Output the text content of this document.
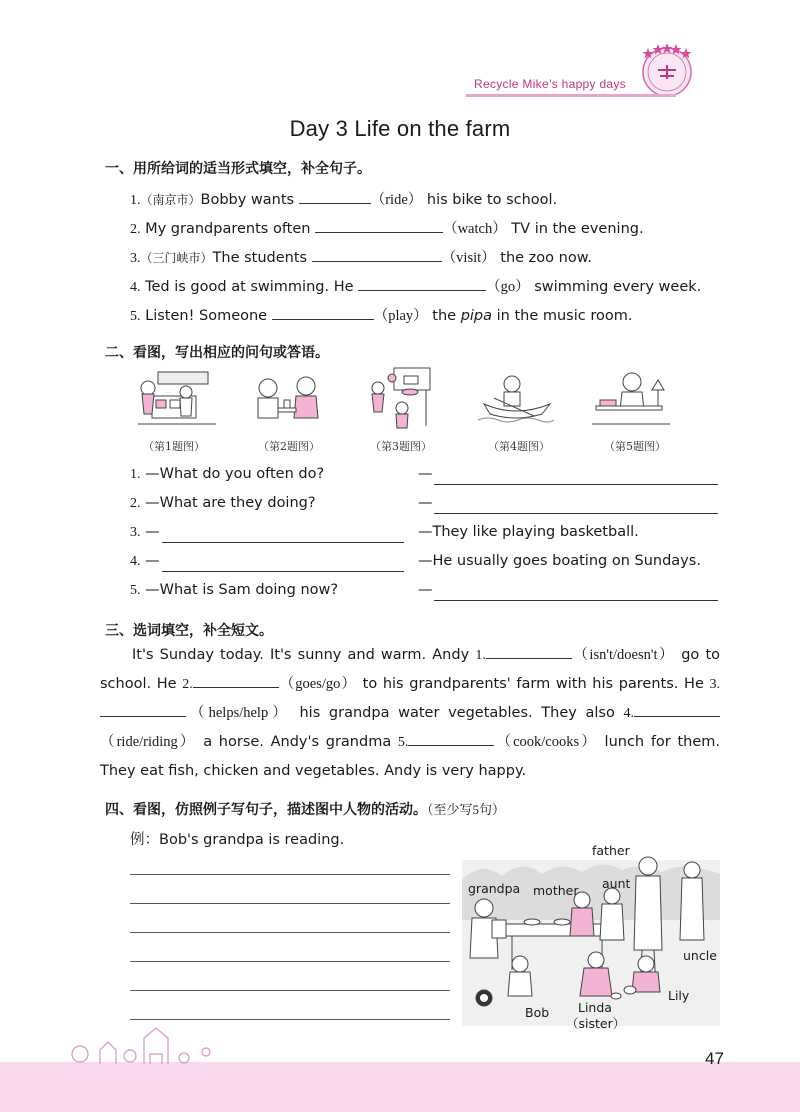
Recycle Mike’s happy days
Day 3 Life on the farm
一、用所给词的适当形式填空，补全句子。
1.（南京市）Bobby wants	（ride） his bike to school.
2. My grandparents often	（watch） TV in the evening.
3.（三门峡市）The students	（visit） the zoo now.
4. Ted is good at swimming. He	（go） swimming every week.
5. Listen! Someone	（play） the pipa in the music room.
二、看图，写出相应的问句或答语。
（第1题图）	（第2题图）	（第3题图）	（第4题图）	（第5题图）
1. —What do you often do?	—
2. —What are they doing?	—
3. —	—They like playing basketball.
4. —	—He usually goes boating on Sundays.
5. —What is Sam doing now?	—
三、选词填空，补全短文。
It's Sunday today. It's sunny and warm. Andy 1.	（isn't/doesn't） go to school. He 2.	（goes/go） to his grandparents' farm with his parents. He 3.（helps/help） his grandpa water vegetables. They also 4.（ride/riding） a horse. Andy's grandma 5.	（cook/cooks） lunch for them. They eat fish, chicken and vegetables. Andy is very happy.
四、看图，仿照例子写句子，描述图中人物的活动。（至少写5句）
例：Bob's grandpa is reading.
father
grandpa mother aunt
uncle
Lily
Linda
（sister）
Bob
47
